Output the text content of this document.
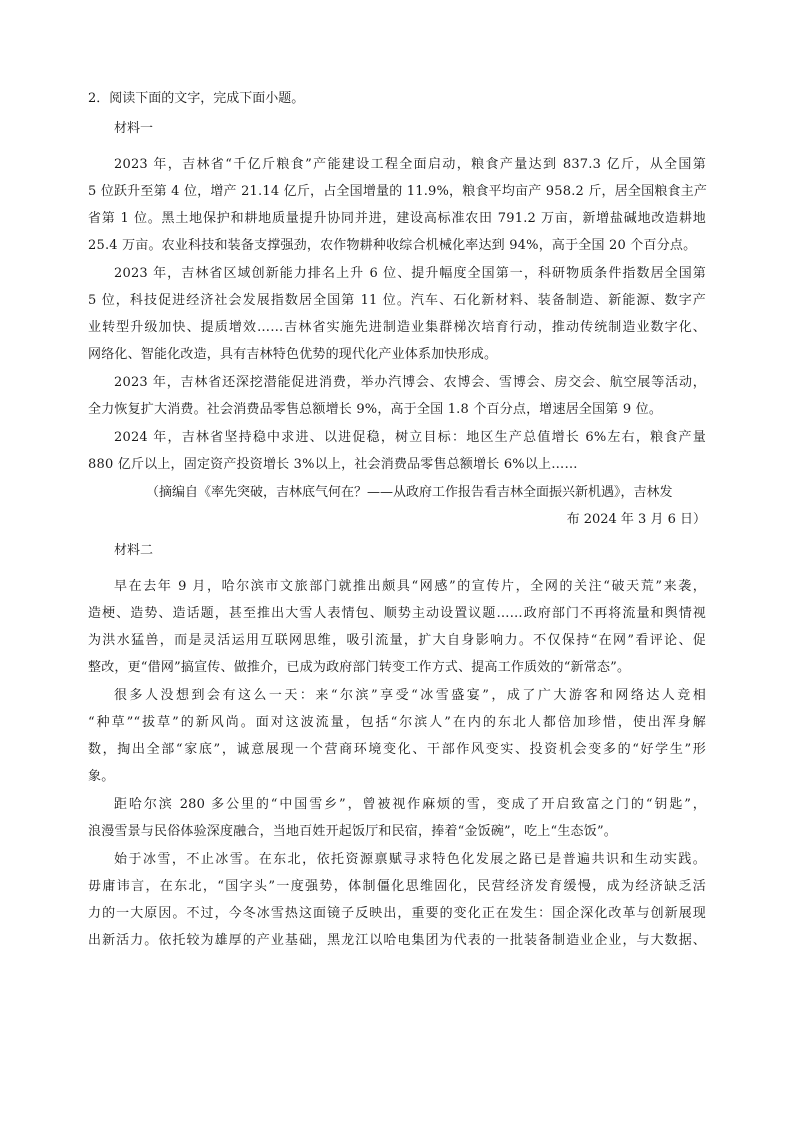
2．阅读下面的文字，完成下面小题。

材料一

2023 年，吉林省“千亿斤粮食”产能建设工程全面启动，粮食产量达到 837.3 亿斤，从全国第
5 位跃升至第 4 位，增产 21.14 亿斤，占全国增量的 11.9%，粮食平均亩产 958.2 斤，居全国粮食主产
省第 1 位。黑土地保护和耕地质量提升协同并进，建设高标准农田 791.2 万亩，新增盐碱地改造耕地
25.4 万亩。农业科技和装备支撑强劲，农作物耕种收综合机械化率达到 94%，高于全国 20 个百分点。

2023 年，吉林省区域创新能力排名上升 6 位、提升幅度全国第一，科研物质条件指数居全国第
5 位，科技促进经济社会发展指数居全国第 11 位。汽车、石化新材料、装备制造、新能源、数字产
业转型升级加快、提质增效……吉林省实施先进制造业集群梯次培育行动，推动传统制造业数字化、
网络化、智能化改造，具有吉林特色优势的现代化产业体系加快形成。

2023 年，吉林省还深挖潜能促进消费，举办汽博会、农博会、雪博会、房交会、航空展等活动，
全力恢复扩大消费。社会消费品零售总额增长 9%，高于全国 1.8 个百分点，增速居全国第 9 位。

2024 年，吉林省坚持稳中求进、以进促稳，树立目标：地区生产总值增长 6%左右，粮食产量
880 亿斤以上，固定资产投资增长 3%以上，社会消费品零售总额增长 6%以上……

（摘编自《率先突破，吉林底气何在？——从政府工作报告看吉林全面振兴新机遇》，吉林发
布 2024 年 3 月 6 日）

材料二

早在去年 9 月，哈尔滨市文旅部门就推出颇具“网感”的宣传片，全网的关注“破天荒”来袭，
造梗、造势、造话题，甚至推出大雪人表情包、顺势主动设置议题……政府部门不再将流量和舆情视
为洪水猛兽，而是灵活运用互联网思维，吸引流量，扩大自身影响力。不仅保持“在网”看评论、促
整改，更“借网”搞宣传、做推介，已成为政府部门转变工作方式、提高工作质效的“新常态”。

很多人没想到会有这么一天：来“尔滨”享受“冰雪盛宴”，成了广大游客和网络达人竞相
“种草”“拔草”的新风尚。面对这波流量，包括“尔滨人”在内的东北人都倍加珍惜，使出浑身解
数，掏出全部“家底”，诚意展现一个营商环境变化、干部作风变实、投资机会变多的“好学生”形
象。

距哈尔滨 280 多公里的“中国雪乡”，曾被视作麻烦的雪，变成了开启致富之门的“钥匙”，
浪漫雪景与民俗体验深度融合，当地百姓开起饭厅和民宿，捧着“金饭碗”，吃上“生态饭”。

始于冰雪，不止冰雪。在东北，依托资源禀赋寻求特色化发展之路已是普遍共识和生动实践。
毋庸讳言，在东北，“国字头”一度强势，体制僵化思维固化，民营经济发育缓慢，成为经济缺乏活
力的一大原因。不过，今冬冰雪热这面镜子反映出，重要的变化正在发生：国企深化改革与创新展现
出新活力。依托较为雄厚的产业基础，黑龙江以哈电集团为代表的一批装备制造业企业，与大数据、
